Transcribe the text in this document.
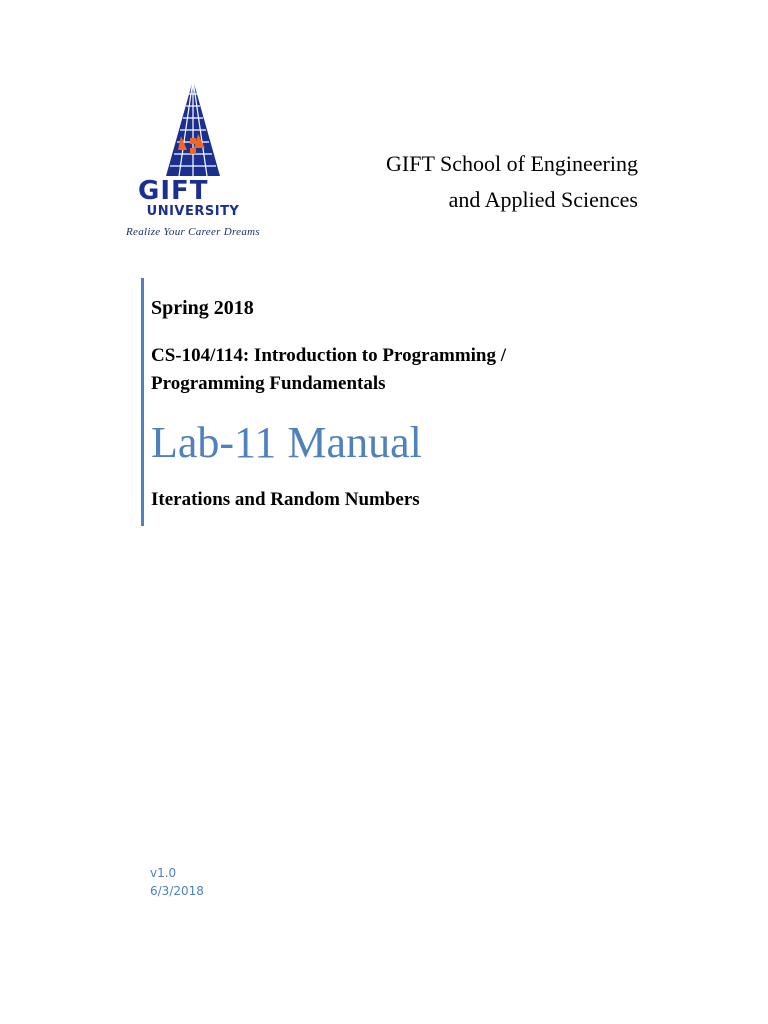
GIFT
UNIVERSITY
Realize Your Career Dreams
GIFT School of Engineering
and Applied Sciences
Spring 2018
CS-104/114: Introduction to Programming /
Programming Fundamentals
Lab-11 Manual
Iterations and Random Numbers
v1.0
6/3/2018
